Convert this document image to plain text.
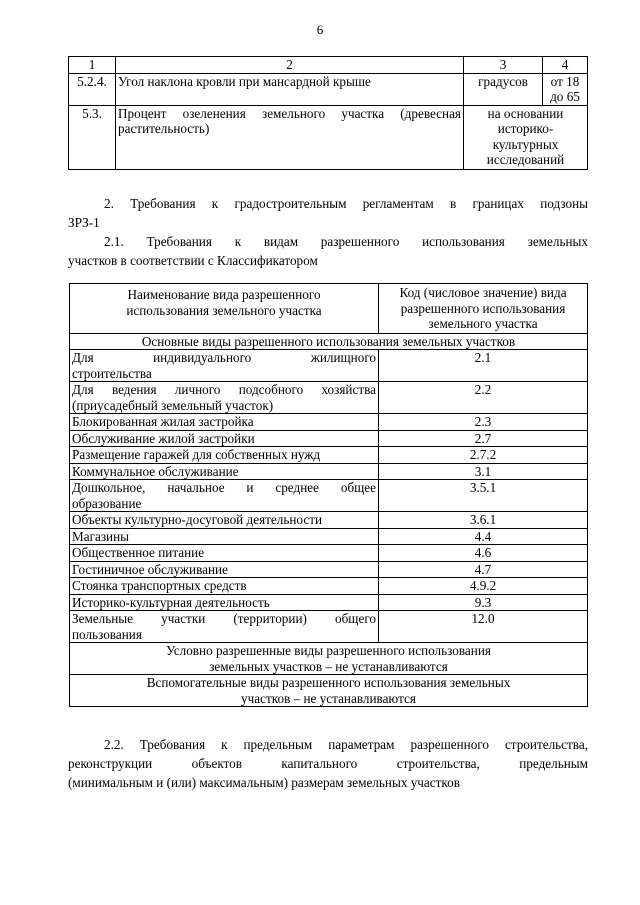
6
1	2	3	4
5.2.4.	Угол наклона кровли при мансардной крыше	градусов	от 18
до 65

5.3.	Процент озеленения земельного участка (древесная
растительность)	на основании
историко-
культурных
исследований	
2. Требования к градостроительным регламентам в границах подзоны
ЗРЗ-1
2.1. Требования к видам разрешенного использования земельных
участков в соответствии с Классификатором
Наименование вида разрешенного
использования земельного участка	Код (числовое значение) вида
разрешенного использования
земельного участка

Основные виды разрешенного использования земельных участков	

Для индивидуального жилищного
строительства	2.1

Для ведения личного подсобного хозяйства
(приусадебный земельный участок)	2.2
Блокированная жилая застройка	2.3
Обслуживание жилой застройки	2.7
Размещение гаражей для собственных нужд	2.7.2
Коммунальное обслуживание	3.1

Дошкольное, начальное и среднее общее
образование	3.5.1
Объекты культурно-досуговой деятельности	3.6.1
Магазины	4.4
Общественное питание	4.6
Гостиничное обслуживание	4.7
Стоянка транспортных средств	4.9.2
Историко-культурная деятельность	9.3

Земельные участки (территории) общего
пользования	12.0

Условно разрешенные виды разрешенного использования
земельных участков – не устанавливаются	

Вспомогательные виды разрешенного использования земельных
участков – не устанавливаются	
2.2. Требования к предельным параметрам разрешенного строительства,
реконструкции объектов капитального строительства, предельным
(минимальным и (или) максимальным) размерам земельных участков
